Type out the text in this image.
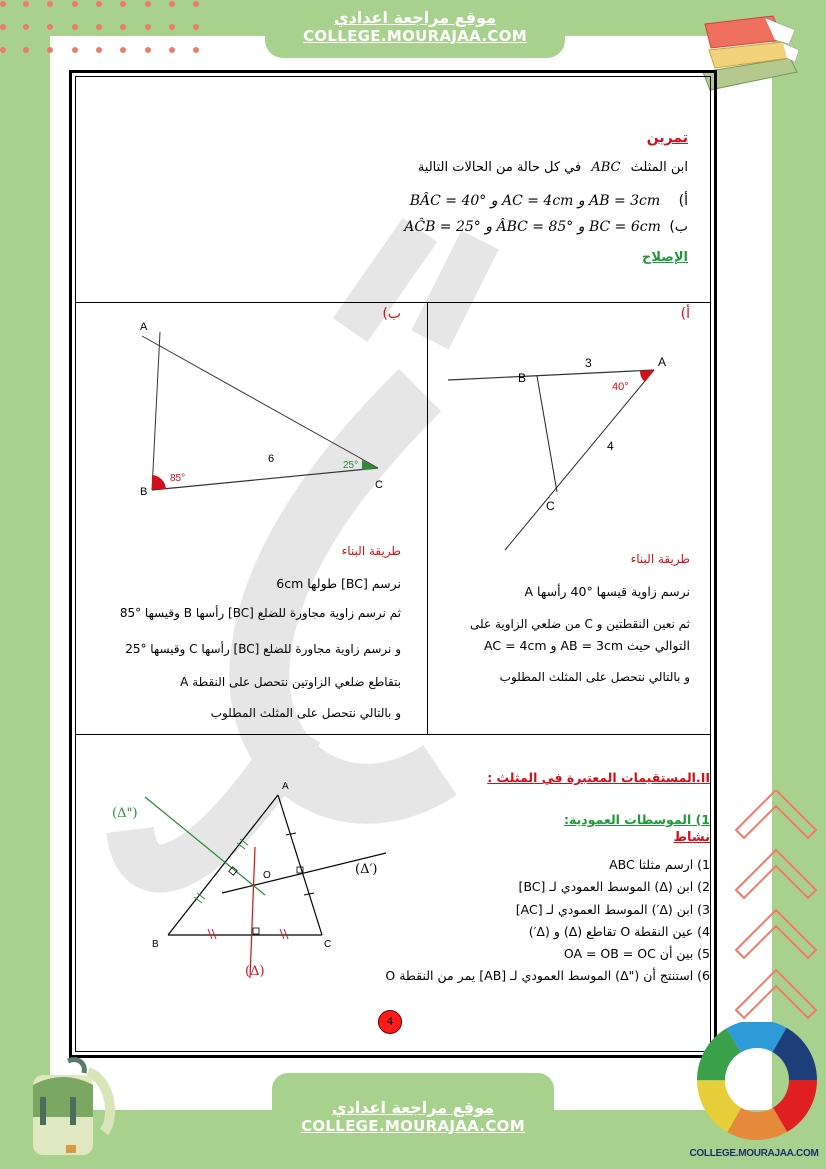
موقع مراجعة اعدادي
COLLEGE.MOURAJAA.COM
تمرين
ابن المثلث ABC في كل حالة من الحالات التالية
أ) BÂC = 40° و AC = 4cm و AB = 3cm
ب) AĈB = 25° و ÂBC = 85° و BC = 6cm
الإصلاح
أ)
A
B
C
3
4
40°
طريقة البناء
نرسم زاوية قيسها °40 رأسها A
ثم نعين النقطتين و C من ضلعي الزاوية على
التوالي حيث AB = 3cm و AC = 4cm
و بالتالي نتحصل على المثلث المطلوب
ب)
A
B
C
6
85°
25°
طريقة البناء
نرسم [BC] طولها 6cm
ثم نرسم زاوية مجاورة للضلع [BC] رأسها B وقيسها °85
و نرسم زاوية مجاورة للضلع [BC] رأسها C وقيسها °25
بتقاطع ضلعي الزاوتين نتحصل على النقطة A
و بالتالي نتحصل على المثلث المطلوب
II.المستقيمات المعتبرة في المثلث :
1) الموسطات العمودية:
نشاط
1) ارسم مثلثا ABC
2) ابن (Δ) الموسط العمودي لـ [BC]
3) ابن (Δ′) الموسط العمودي لـ [AC]
4) عين النقطة O تقاطع (Δ) و (Δ′)
5) بين أن OA = OB = OC
6) استنتج أن ("Δ) الموسط العمودي لـ [AB] يمر من النقطة O
A
B	C
O
(Δ)
(Δ′)
(Δ")
4
موقع مراجعة اعدادي
COLLEGE.MOURAJAA.COM
COLLEGE.MOURAJAA.COM
